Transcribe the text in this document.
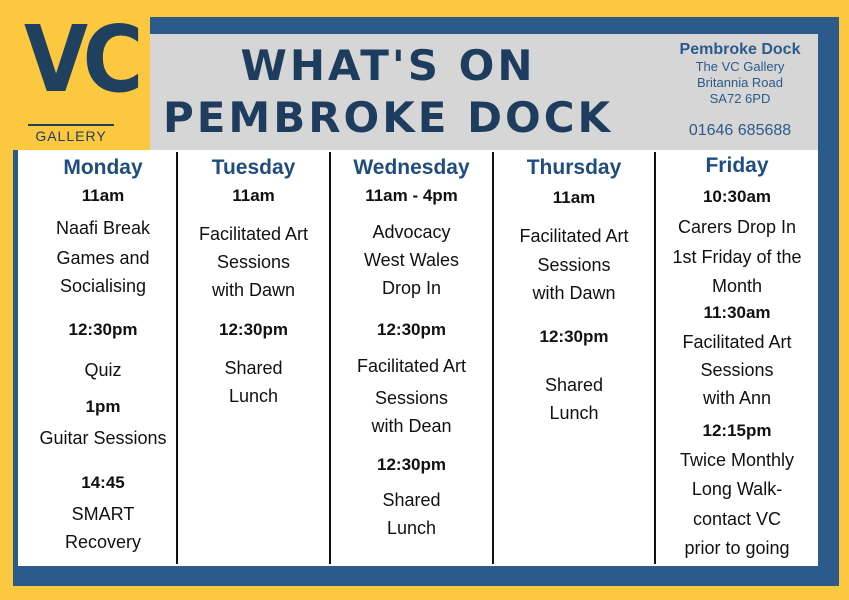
VC
GALLERY
WHAT'S ON
PEMBROKE DOCK
Pembroke Dock
The VC Gallery
Britannia Road
SA72 6PD
01646 685688
Monday
11am
Naafi Break
Games and
Socialising
12:30pm
Quiz
1pm
Guitar Sessions
14:45
SMART
Recovery
Tuesday
11am
Facilitated Art
Sessions
with Dawn
12:30pm
Shared
Lunch
Wednesday
11am - 4pm
Advocacy
West Wales
Drop In
12:30pm
Facilitated Art
Sessions
with Dean
12:30pm
Shared
Lunch
Thursday
11am
Facilitated Art
Sessions
with Dawn
12:30pm
Shared
Lunch
Friday
10:30am
Carers Drop In
1st Friday of the
Month
11:30am
Facilitated Art
Sessions
with Ann
12:15pm
Twice Monthly
Long Walk-
contact VC
prior to going
